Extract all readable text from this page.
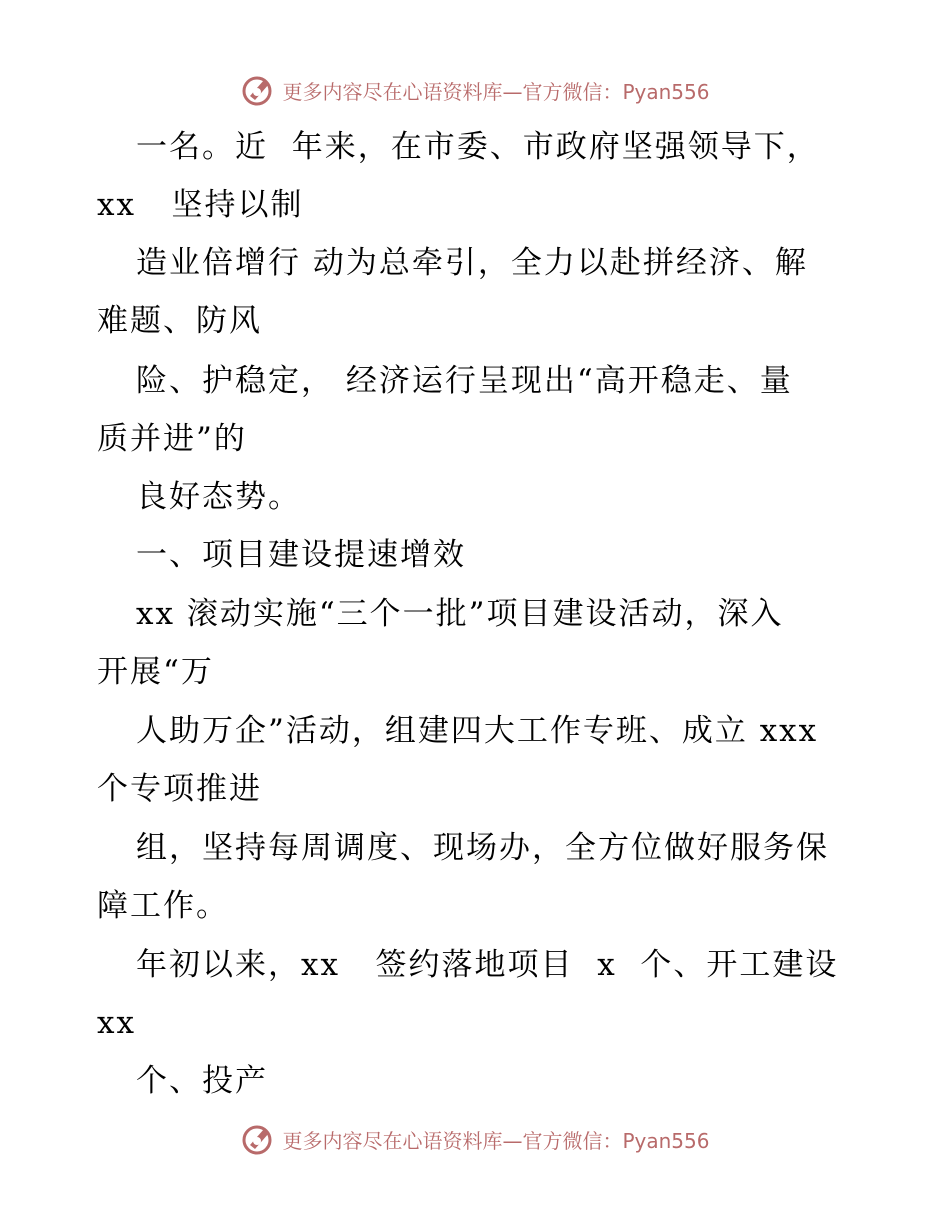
更多内容尽在心语资料库—官方微信：Pyan556
一名。近  年来，在市委、市政府坚强领导下，
xx   坚持以制
造业倍增行 动为总牵引，全力以赴拼经济、解
难题、防风
险、护稳定， 经济运行呈现出“高开稳走、量
质并进”的
良好态势。
一、项目建设提速增效
xx 滚动实施“三个一批”项目建设活动，深入
开展“万
人助万企”活动，组建四大工作专班、成立 xxx
个专项推进
组，坚持每周调度、现场办，全方位做好服务保
障工作。
年初以来，xx   签约落地项目  x  个、开工建设
xx
个、投产
更多内容尽在心语资料库—官方微信：Pyan556
